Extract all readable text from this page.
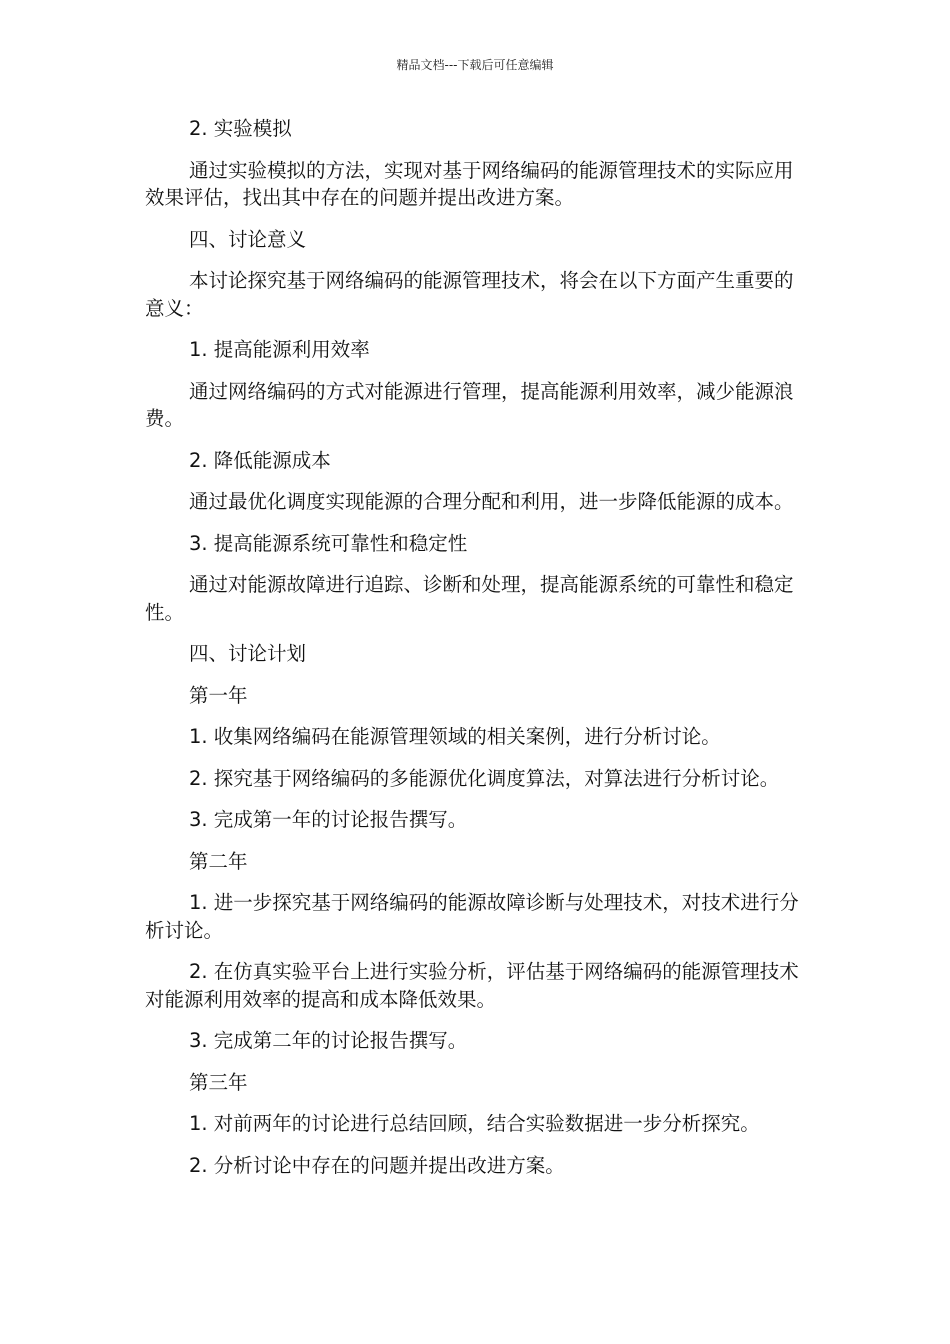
精品文档---下载后可任意编辑

2. 实验模拟

通过实验模拟的方法，实现对基于网络编码的能源管理技术的实际应用效果评估，找出其中存在的问题并提出改进方案。

四、讨论意义

本讨论探究基于网络编码的能源管理技术，将会在以下方面产生重要的意义：

1. 提高能源利用效率

通过网络编码的方式对能源进行管理，提高能源利用效率，减少能源浪费。

2. 降低能源成本

通过最优化调度实现能源的合理分配和利用，进一步降低能源的成本。

3. 提高能源系统可靠性和稳定性

通过对能源故障进行追踪、诊断和处理，提高能源系统的可靠性和稳定性。

四、讨论计划

第一年

1. 收集网络编码在能源管理领域的相关案例，进行分析讨论。

2. 探究基于网络编码的多能源优化调度算法，对算法进行分析讨论。

3. 完成第一年的讨论报告撰写。

第二年

1. 进一步探究基于网络编码的能源故障诊断与处理技术，对技术进行分析讨论。

2. 在仿真实验平台上进行实验分析，评估基于网络编码的能源管理技术对能源利用效率的提高和成本降低效果。

3. 完成第二年的讨论报告撰写。

第三年

1. 对前两年的讨论进行总结回顾，结合实验数据进一步分析探究。

2. 分析讨论中存在的问题并提出改进方案。
